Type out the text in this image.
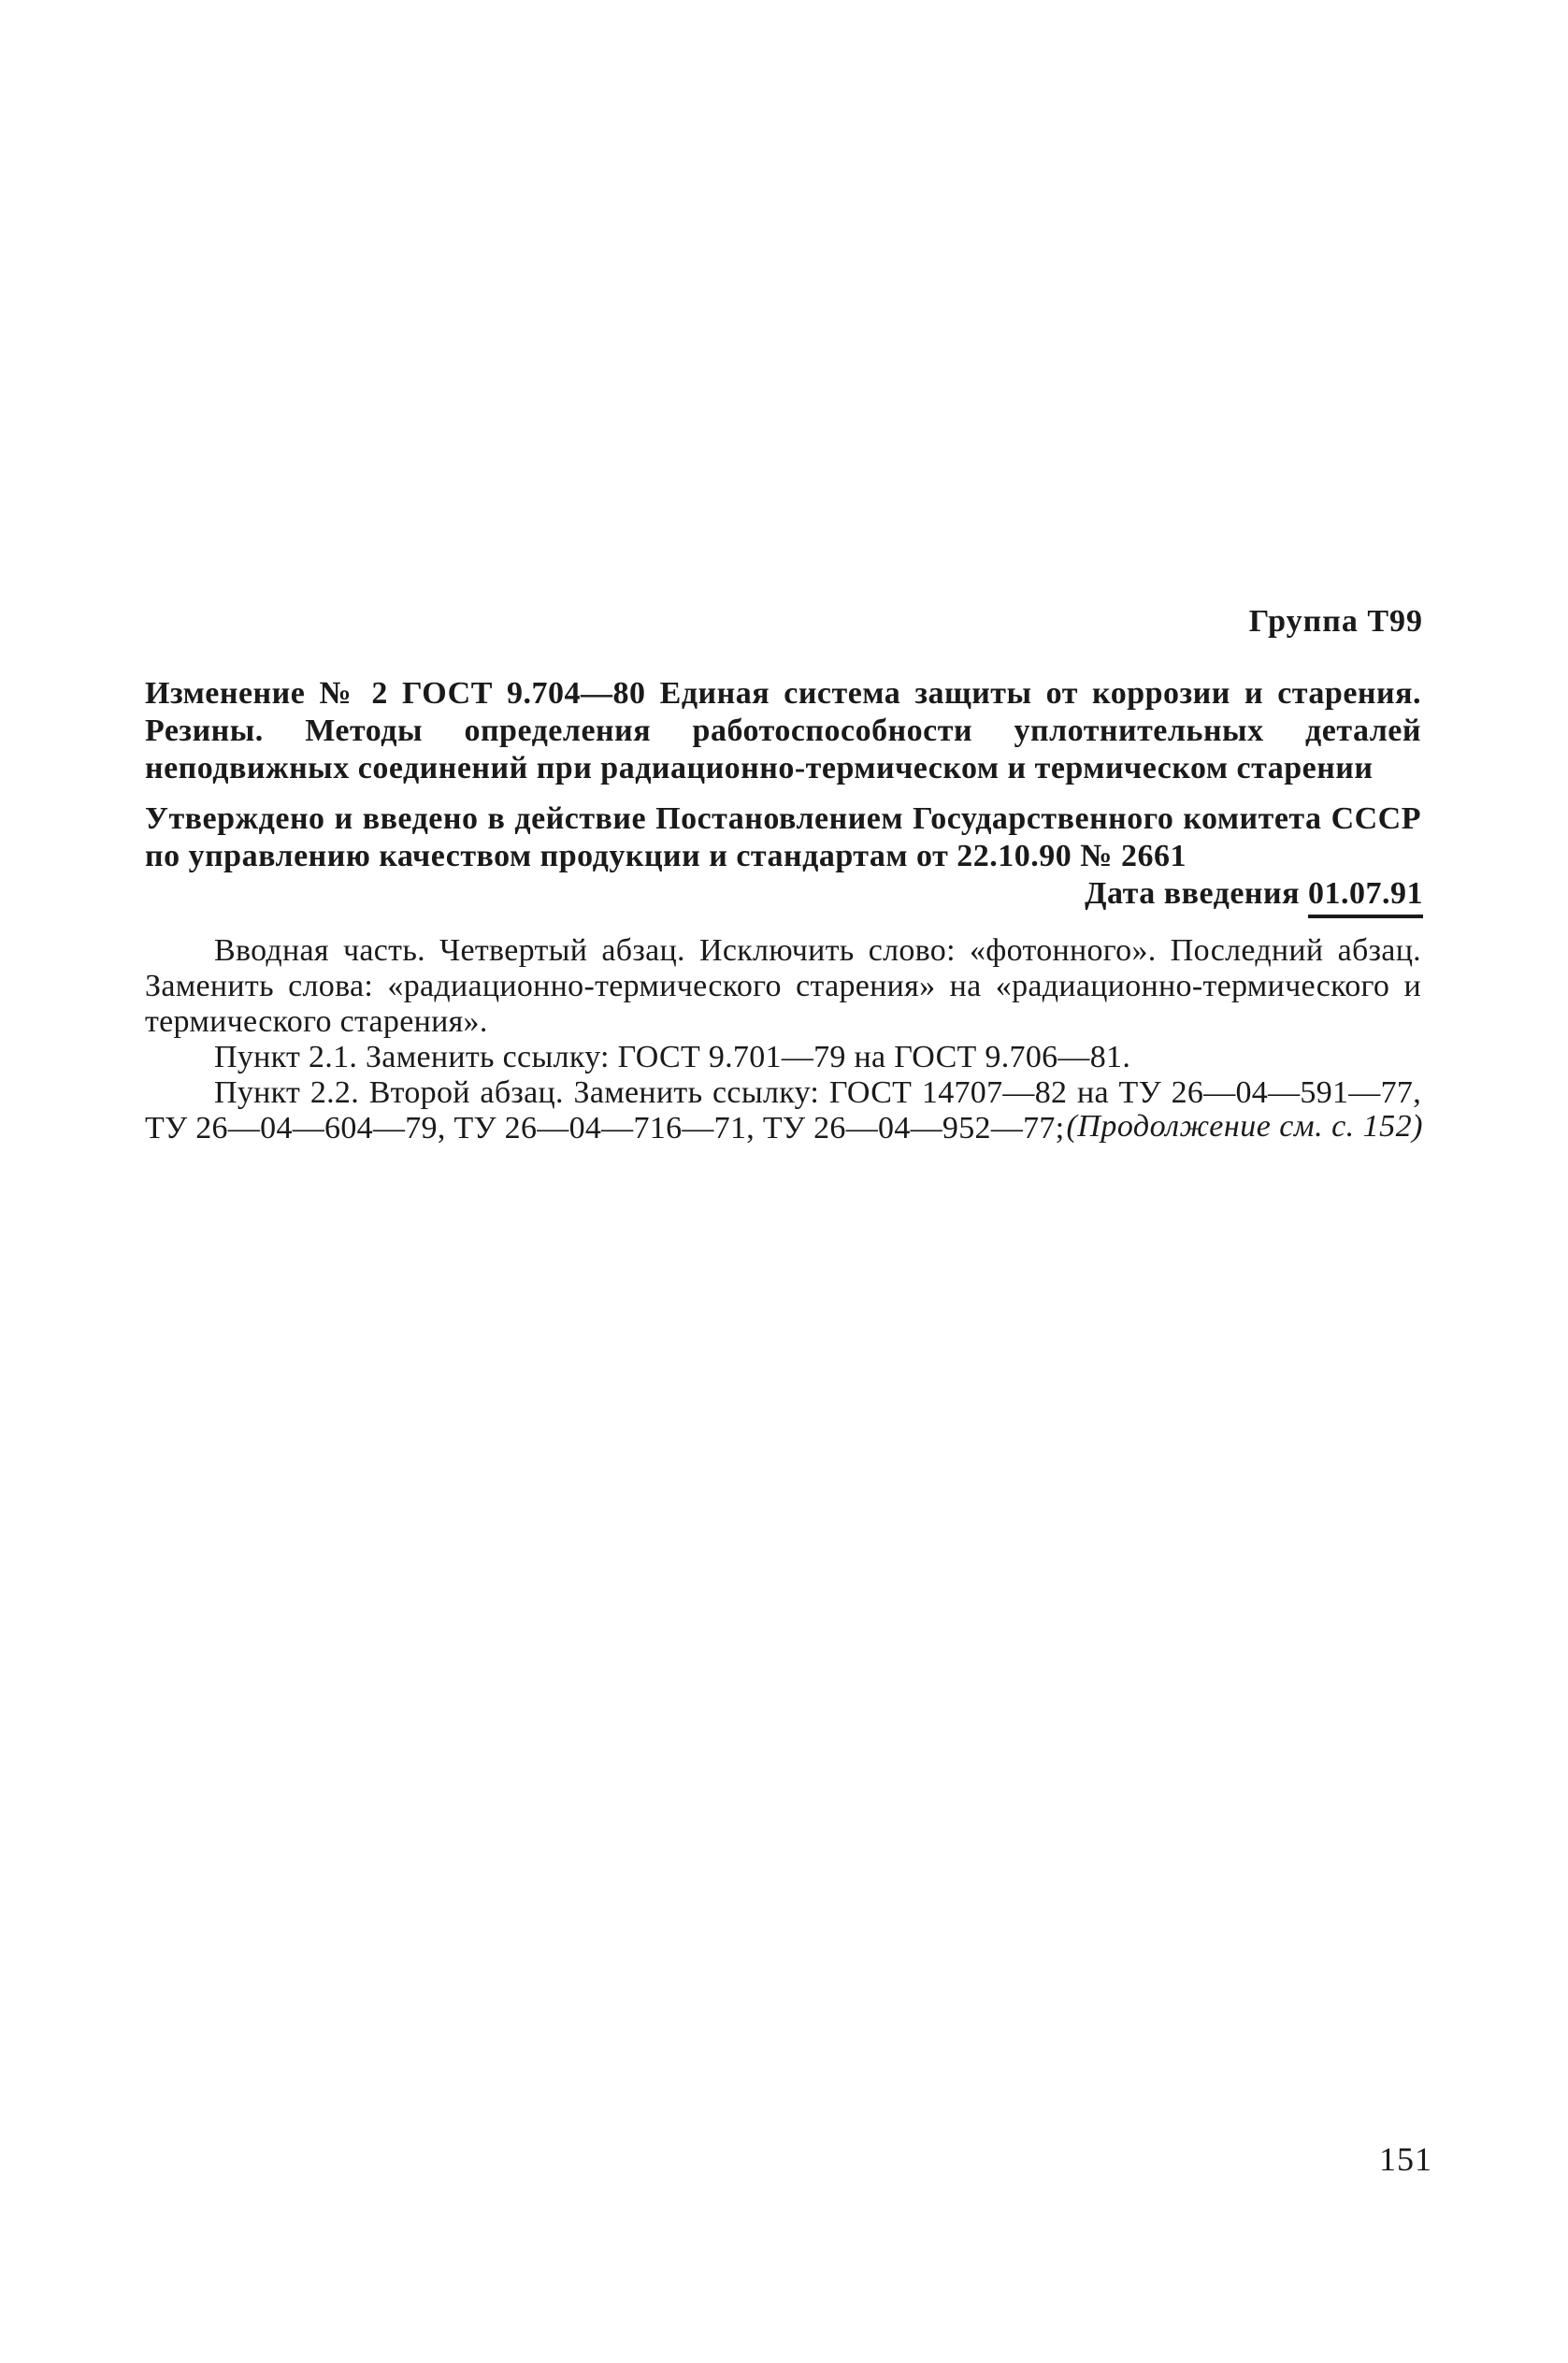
Группа Т99
Изменение № 2 ГОСТ 9.704—80 Единая система защиты от коррозии и старения. Резины. Методы определения работоспособности уплотнительных деталей неподвижных соединений при радиационно-термическом и термическом старении
Утверждено и введено в действие Постановлением Государственного комитета СССР по управлению качеством продукции и стандартам от 22.10.90 № 2661
Дата введения 01.07.91

Вводная часть. Четвертый абзац. Исключить слово: «фотонного». Последний абзац. Заменить слова: «радиационно-термического старения» на «радиационно-термического и термического старения».

Пункт 2.1. Заменить ссылку: ГОСТ 9.701—79 на ГОСТ 9.706—81.

Пункт 2.2. Второй абзац. Заменить ссылку: ГОСТ 14707—82 на ТУ 26—04—591—77, ТУ 26—04—604—79, ТУ 26—04—716—71, ТУ 26—04—952—77; (Продолжение см. с. 152)
151
